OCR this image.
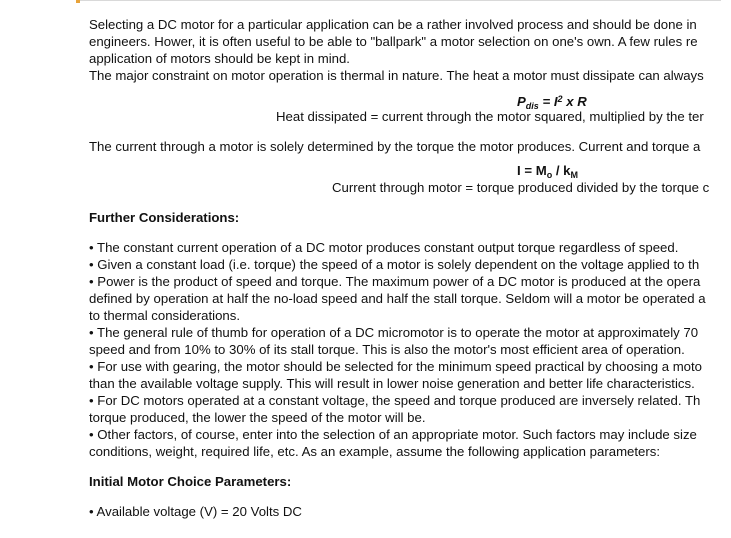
Selecting a DC motor for a particular application can be a rather involved process and should be done in
engineers. Hower, it is often useful to be able to "ballpark" a motor selection on one's own. A few rules re
application of motors should be kept in mind.
The major constraint on motor operation is thermal in nature. The heat a motor must dissipate can always
$P_{dis} = I^2$ x R
Heat dissipated = current through the motor squared, multiplied by the ter
The current through a motor is solely determined by the torque the motor produces. Current and torque a
$I = M_o / k_M$
Current through motor = torque produced divided by the torque c
Further Considerations:
• The constant current operation of a DC motor produces constant output torque regardless of speed.
• Given a constant load (i.e. torque) the speed of a motor is solely dependent on the voltage applied to th
• Power is the product of speed and torque. The maximum power of a DC motor is produced at the opera
defined by operation at half the no-load speed and half the stall torque. Seldom will a motor be operated a
to thermal considerations.
• The general rule of thumb for operation of a DC micromotor is to operate the motor at approximately 70
speed and from 10% to 30% of its stall torque. This is also the motor's most efficient area of operation.
• For use with gearing, the motor should be selected for the minimum speed practical by choosing a moto
than the available voltage supply. This will result in lower noise generation and better life characteristics.
• For DC motors operated at a constant voltage, the speed and torque produced are inversely related. Th
torque produced, the lower the speed of the motor will be.
• Other factors, of course, enter into the selection of an appropriate motor. Such factors may include size
conditions, weight, required life, etc. As an example, assume the following application parameters:
Initial Motor Choice Parameters:
• Available voltage (V) = 20 Volts DC
